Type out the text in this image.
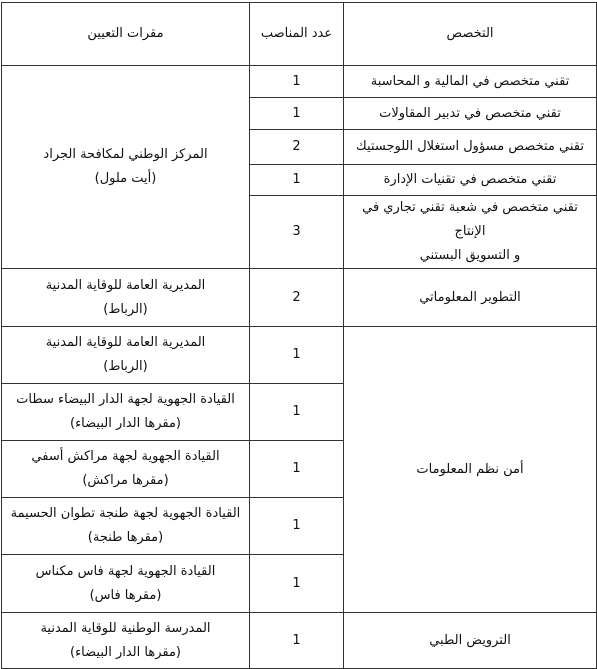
التخصص	عدد المناصب	مقرات التعيين

تقني متخصص في المالية و المحاسبة	1	المركز الوطني لمكافحة الجراد
(أيت ملول)

تقني متخصص في تدبير المقاولات	1	

تقني متخصص مسؤول استغلال اللوجستيك	2	

تقني متخصص في تقنيات الإدارة	1	

تقني متخصص في شعبة تقني تجاري في الإنتاج
و التسويق البستني	3	

التطوير المعلوماتي	2	المديرية العامة للوقاية المدنية
(الرباط)

أمن نظم المعلومات	1	المديرية العامة للوقاية المدنية
(الرباط)

	1	القيادة الجهوية لجهة الدار البيضاء سطات
(مقرها الدار البيضاء)

	1	القيادة الجهوية لجهة مراكش أسفي
(مقرها مراكش)

	1	القيادة الجهوية لجهة طنجة تطوان الحسيمة
(مقرها طنجة)

	1	القيادة الجهوية لجهة فاس مكناس
(مقرها فاس)

الترويض الطبي	1	المدرسة الوطنية للوقاية المدنية
(مقرها الدار البيضاء)
